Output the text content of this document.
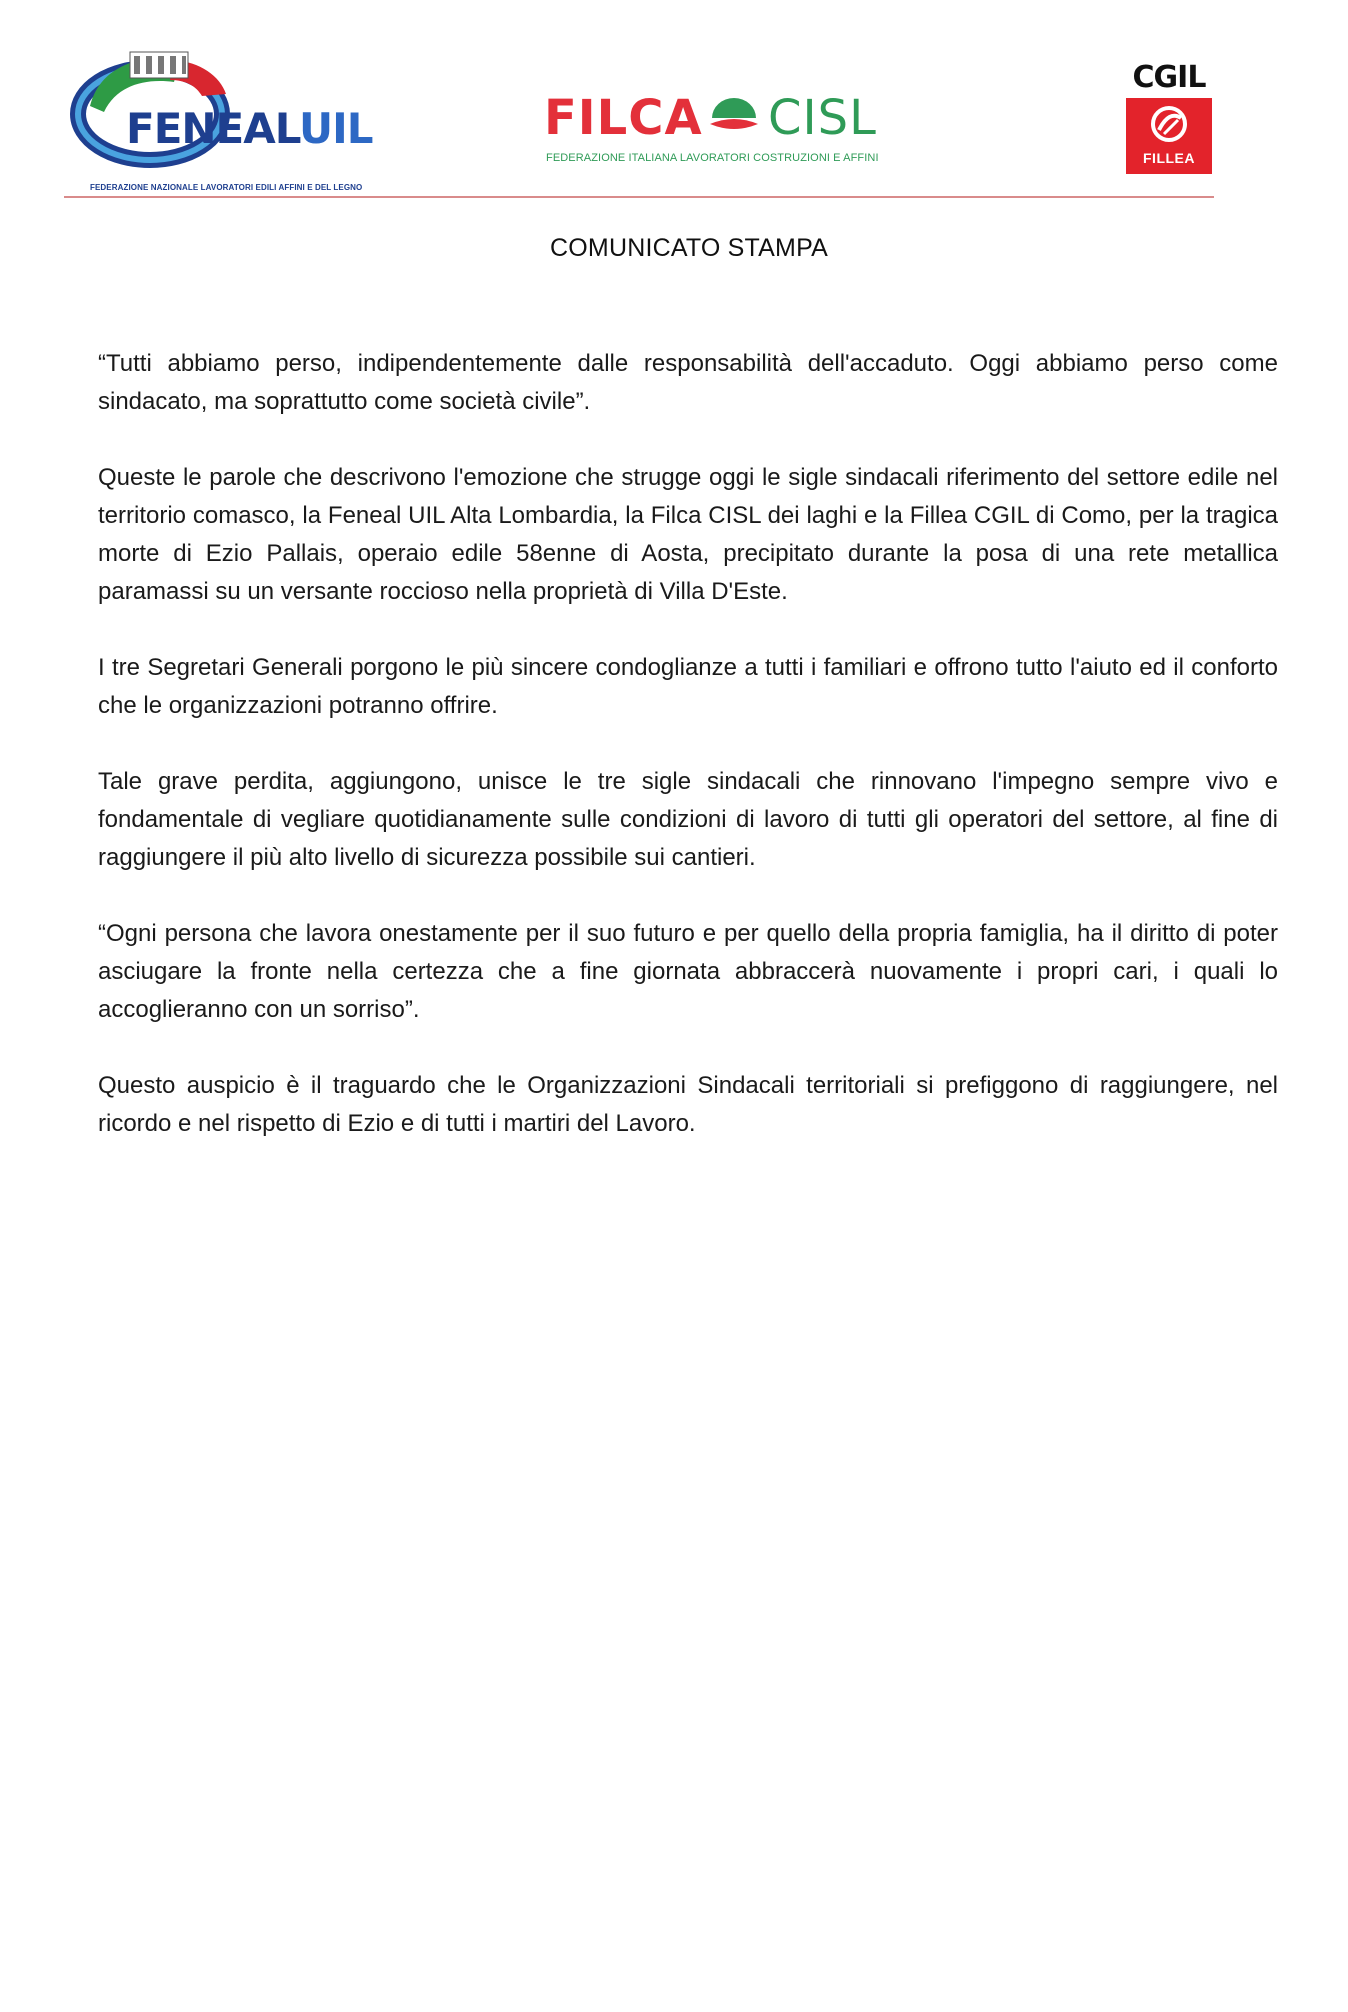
FENEALUIL
FEDERAZIONE NAZIONALE LAVORATORI EDILI AFFINI E DEL LEGNO
FILCA CISL
FEDERAZIONE ITALIANA LAVORATORI COSTRUZIONI E AFFINI
CGIL
FILLEA
COMUNICATO STAMPA

“Tutti abbiamo perso, indipendentemente dalle responsabilità dell'accaduto. Oggi abbiamo perso come sindacato, ma soprattutto come società civile”.

Queste le parole che descrivono l'emozione che strugge oggi le sigle sindacali riferimento del settore edile nel territorio comasco, la Feneal UIL Alta Lombardia, la Filca CISL dei laghi e la Fillea CGIL di Como, per la tragica morte di Ezio Pallais, operaio edile 58enne di Aosta, precipitato durante la posa di una rete metallica paramassi su un versante roccioso nella proprietà di Villa D'Este.

I tre Segretari Generali porgono le più sincere condoglianze a tutti i familiari e offrono tutto l'aiuto ed il conforto che le organizzazioni potranno offrire.

Tale grave perdita, aggiungono, unisce le tre sigle sindacali che rinnovano l'impegno sempre vivo e fondamentale di vegliare quotidianamente sulle condizioni di lavoro di tutti gli operatori del settore, al fine di raggiungere il più alto livello di sicurezza possibile sui cantieri.

“Ogni persona che lavora onestamente per il suo futuro e per quello della propria famiglia, ha il diritto di poter asciugare la fronte nella certezza che a fine giornata abbraccerà nuovamente i propri cari, i quali lo accoglieranno con un sorriso”.

Questo auspicio è il traguardo che le Organizzazioni Sindacali territoriali si prefiggono di raggiungere, nel ricordo e nel rispetto di Ezio e di tutti i martiri del Lavoro.
